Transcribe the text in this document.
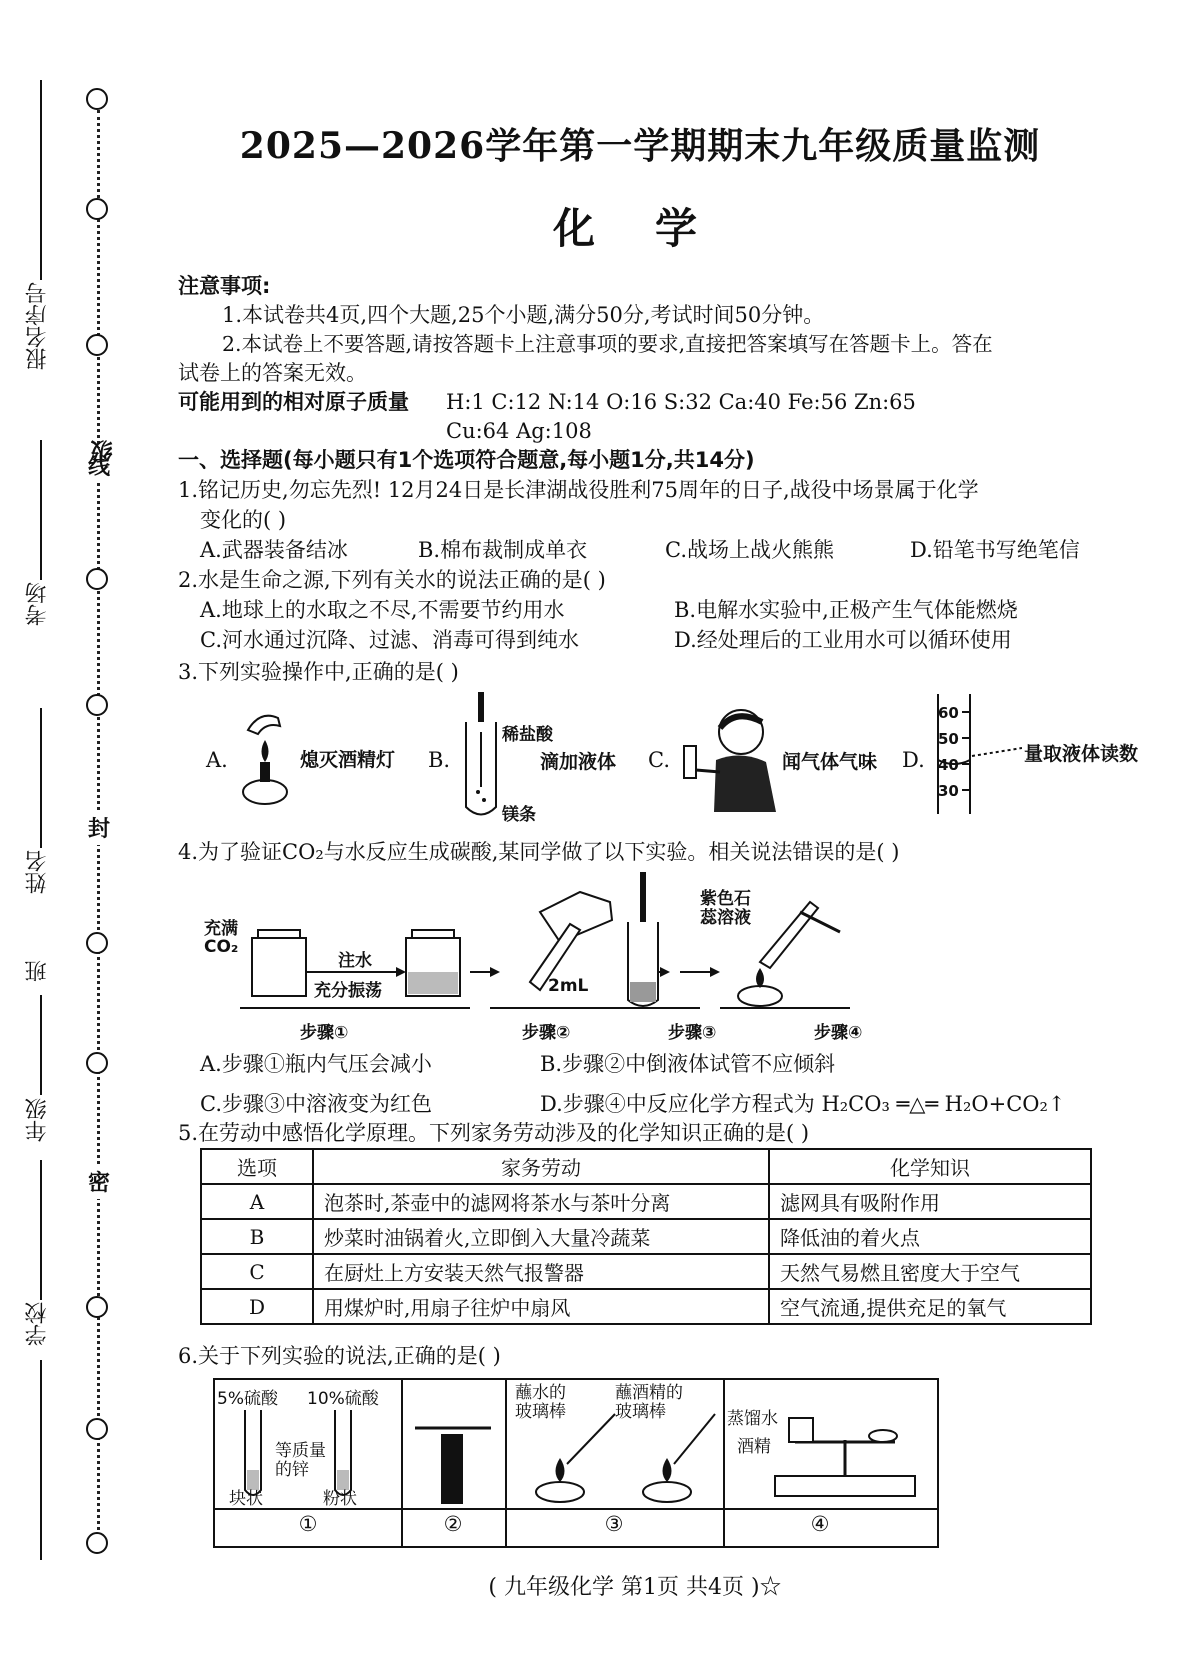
线
封
密
报名序号
考场
姓名
班
年级
学校
级
2025—2026学年第一学期期末九年级质量监测
化学
注意事项:
1.本试卷共4页,四个大题,25个小题,满分50分,考试时间50分钟。
2.本试卷上不要答题,请按答题卡上注意事项的要求,直接把答案填写在答题卡上。答在
试卷上的答案无效。
可能用到的相对原子质量 H:1 C:12 N:14 O:16 S:32 Ca:40 Fe:56 Zn:65
Cu:64 Ag:108
一、选择题(每小题只有1个选项符合题意,每小题1分,共14分)
1.铭记历史,勿忘先烈! 12月24日是长津湖战役胜利75周年的日子,战役中场景属于化学
变化的( )
A.武器装备结冰	B.棉布裁制成单衣	C.战场上战火熊熊	D.铅笔书写绝笔信
2.水是生命之源,下列有关水的说法正确的是( )
A.地球上的水取之不尽,不需要节约用水	B.电解水实验中,正极产生气体能燃烧
C.河水通过沉降、过滤、消毒可得到纯水	D.经处理后的工业用水可以循环使用
3.下列实验操作中,正确的是( )
A.	熄灭酒精灯 B.
稀盐酸
镁条
滴加液体 C.	闻气体气味 D.
60
50
40
30
量取液体读数
4.为了验证CO₂与水反应生成碳酸,某同学做了以下实验。相关说法错误的是( )
充满
CO₂
注水
充分振荡	2mL
紫色石
蕊溶液
步骤①	步骤②	步骤③	步骤④
A.步骤①瓶内气压会减小	B.步骤②中倒液体试管不应倾斜
C.步骤③中溶液变为红色	D.步骤④中反应化学方程式为 H₂CO₃ ═△═ H₂O+CO₂↑
5.在劳动中感悟化学原理。下列家务劳动涉及的化学知识正确的是( )
选项	家务劳动	化学知识
A	泡茶时,茶壶中的滤网将茶水与茶叶分离	滤网具有吸附作用
B	炒菜时油锅着火,立即倒入大量冷蔬菜	降低油的着火点
C	在厨灶上方安装天然气报警器	天然气易燃且密度大于空气
D	用煤炉时,用扇子往炉中扇风	空气流通,提供充足的氧气
6.关于下列实验的说法,正确的是( )
①	②	③	④
5%硫酸 10%硫酸
等质量
的锌
块状	粉状
蘸水的
玻璃棒
蘸酒精的
玻璃棒	蒸馏水
酒精
( 九年级化学 第1页 共4页 )☆
